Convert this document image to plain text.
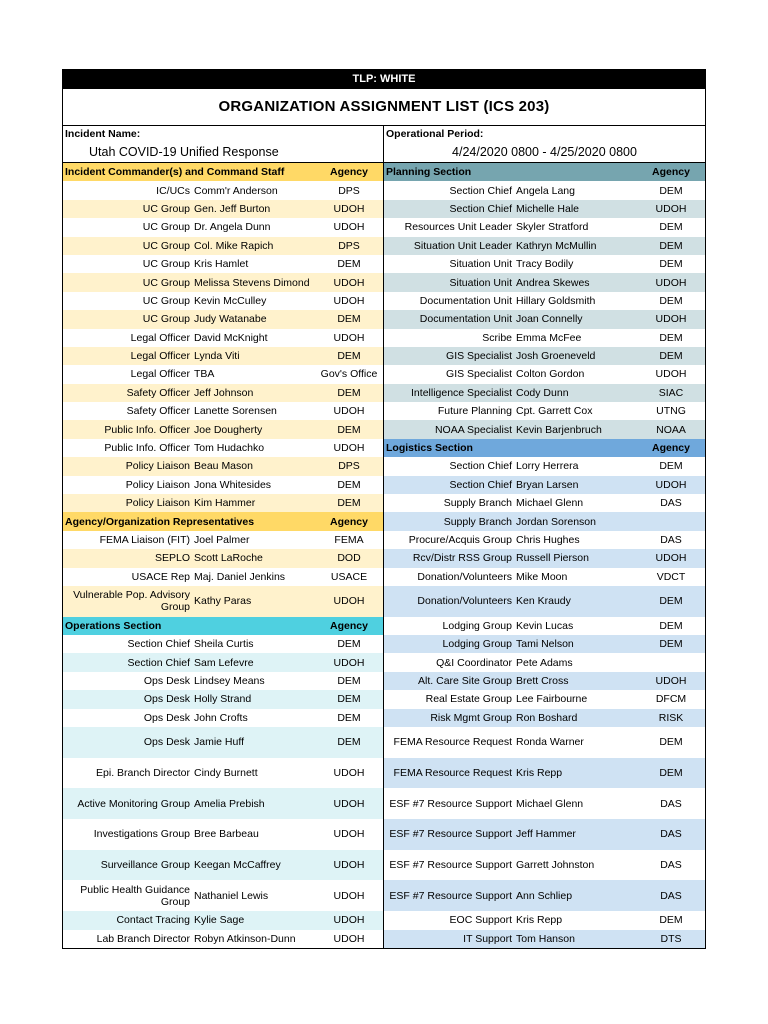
TLP: WHITE
ORGANIZATION ASSIGNMENT LIST (ICS 203)
Incident Name:
Utah COVID-19 Unified Response
Operational Period:
4/24/2020 0800 - 4/25/2020 0800
Incident Commander(s) and Command Staff	Agency
IC/UCs Comm'r Anderson	DPS
UC Group Gen. Jeff Burton	UDOH
UC Group Dr. Angela Dunn	UDOH
UC Group Col. Mike Rapich	DPS
UC Group Kris Hamlet	DEM
UC Group Melissa Stevens Dimond	UDOH
UC Group Kevin McCulley	UDOH
UC Group Judy Watanabe	DEM
Legal Officer David McKnight	UDOH
Legal Officer Lynda Viti	DEM
Legal Officer TBA	Gov's Office
Safety Officer Jeff Johnson	DEM
Safety Officer Lanette Sorensen	UDOH
Public Info. Officer Joe Dougherty	DEM
Public Info. Officer Tom Hudachko	UDOH
Policy Liaison Beau Mason	DPS
Policy Liaison Jona Whitesides	DEM
Policy Liaison Kim Hammer	DEM
Agency/Organization Representatives	Agency
FEMA Liaison (FIT) Joel Palmer	FEMA
SEPLO Scott LaRoche	DOD
USACE Rep Maj. Daniel Jenkins	USACE
Vulnerable Pop. Advisory Group Kathy Paras	UDOH
Operations Section	Agency
Section Chief Sheila Curtis	DEM
Section Chief Sam Lefevre	UDOH
Ops Desk Lindsey Means	DEM
Ops Desk Holly Strand	DEM
Ops Desk John Crofts	DEM
Ops Desk Jamie Huff	DEM
Epi. Branch Director Cindy Burnett	UDOH
Active Monitoring Group Amelia Prebish	UDOH
Investigations Group Bree Barbeau	UDOH
Surveillance Group Keegan McCaffrey	UDOH
Public Health Guidance Group Nathaniel Lewis	UDOH
Contact Tracing Kylie Sage	UDOH
Lab Branch Director Robyn Atkinson-Dunn	UDOH
Planning Section	Agency
Section Chief Angela Lang	DEM
Section Chief Michelle Hale	UDOH
Resources Unit Leader Skyler Stratford	DEM
Situation Unit Leader Kathryn McMullin	DEM
Situation Unit Tracy Bodily	DEM
Situation Unit Andrea Skewes	UDOH
Documentation Unit Hillary Goldsmith	DEM
Documentation Unit Joan Connelly	UDOH
Scribe Emma McFee	DEM
GIS Specialist Josh Groeneveld	DEM
GIS Specialist Colton Gordon	UDOH
Intelligence Specialist Cody Dunn	SIAC
Future Planning Cpt. Garrett Cox	UTNG
NOAA Specialist Kevin Barjenbruch	NOAA
Logistics Section	Agency
Section Chief Lorry Herrera	DEM
Section Chief Bryan Larsen	UDOH
Supply Branch Michael Glenn	DAS
Supply Branch Jordan Sorenson
Procure/Acquis Group Chris Hughes	DAS
Rcv/Distr RSS Group Russell Pierson	UDOH
Donation/Volunteers Mike Moon	VDCT
Donation/Volunteers Ken Kraudy	DEM
Lodging Group Kevin Lucas	DEM
Lodging Group Tami Nelson	DEM
Q&I Coordinator Pete Adams
Alt. Care Site Group Brett Cross	UDOH
Real Estate Group Lee Fairbourne	DFCM
Risk Mgmt Group Ron Boshard	RISK
FEMA Resource Request Ronda Warner	DEM
FEMA Resource Request Kris Repp	DEM
ESF #7 Resource Support Michael Glenn	DAS
ESF #7 Resource Support Jeff Hammer	DAS
ESF #7 Resource Support Garrett Johnston	DAS
ESF #7 Resource Support Ann Schliep	DAS
EOC Support Kris Repp	DEM
IT Support Tom Hanson	DTS
